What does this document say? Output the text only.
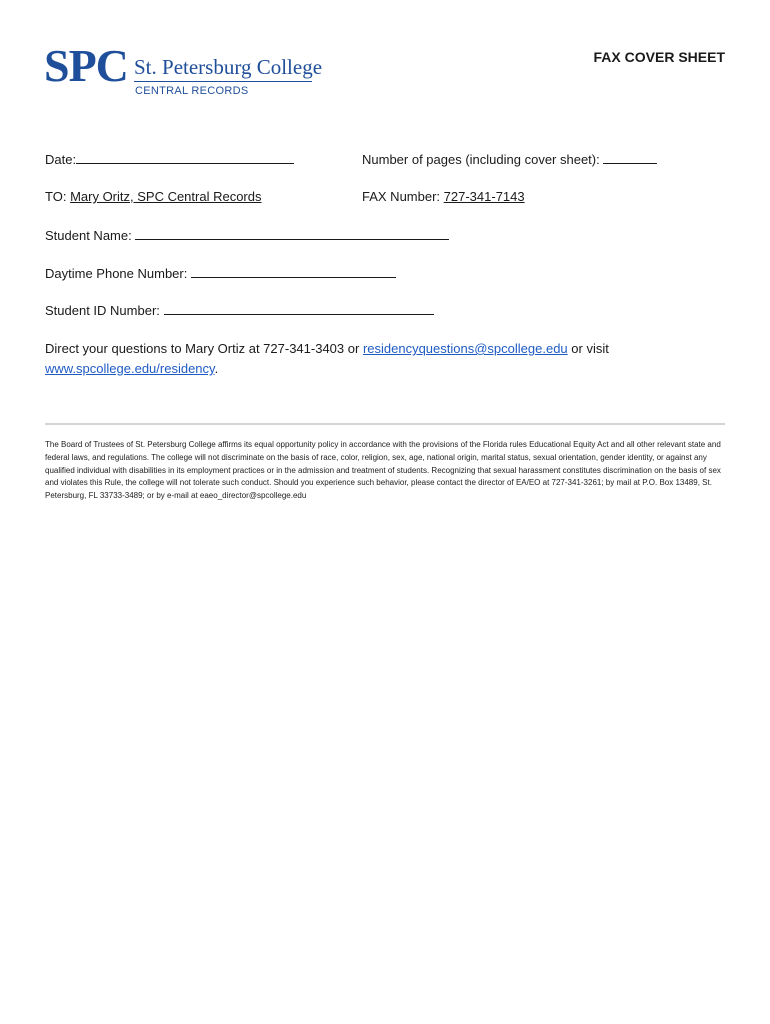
SPC St. Petersburg College
CENTRAL RECORDS
FAX COVER SHEET
Date:	Number of pages (including cover sheet):
TO: Mary Oritz, SPC Central Records	FAX Number: 727-341-7143
Student Name:
Daytime Phone Number:
Student ID Number:
Direct your questions to Mary Ortiz at 727-341-3403 or residencyquestions@spcollege.edu or visit www.spcollege.edu/residency.
The Board of Trustees of St. Petersburg College affirms its equal opportunity policy in accordance with the provisions of the Florida rules Educational Equity Act and all other relevant state and federal laws, and regulations. The college will not discriminate on the basis of race, color, religion, sex, age, national origin, marital status, sexual orientation, gender identity, or against any qualified individual with disabilities in its employment practices or in the admission and treatment of students. Recognizing that sexual harassment constitutes discrimination on the basis of sex and violates this Rule, the college will not tolerate such conduct. Should you experience such behavior, please contact the director of EA/EO at 727-341-3261; by mail at P.O. Box 13489, St. Petersburg, FL 33733-3489; or by e-mail at eaeo_director@spcollege.edu
